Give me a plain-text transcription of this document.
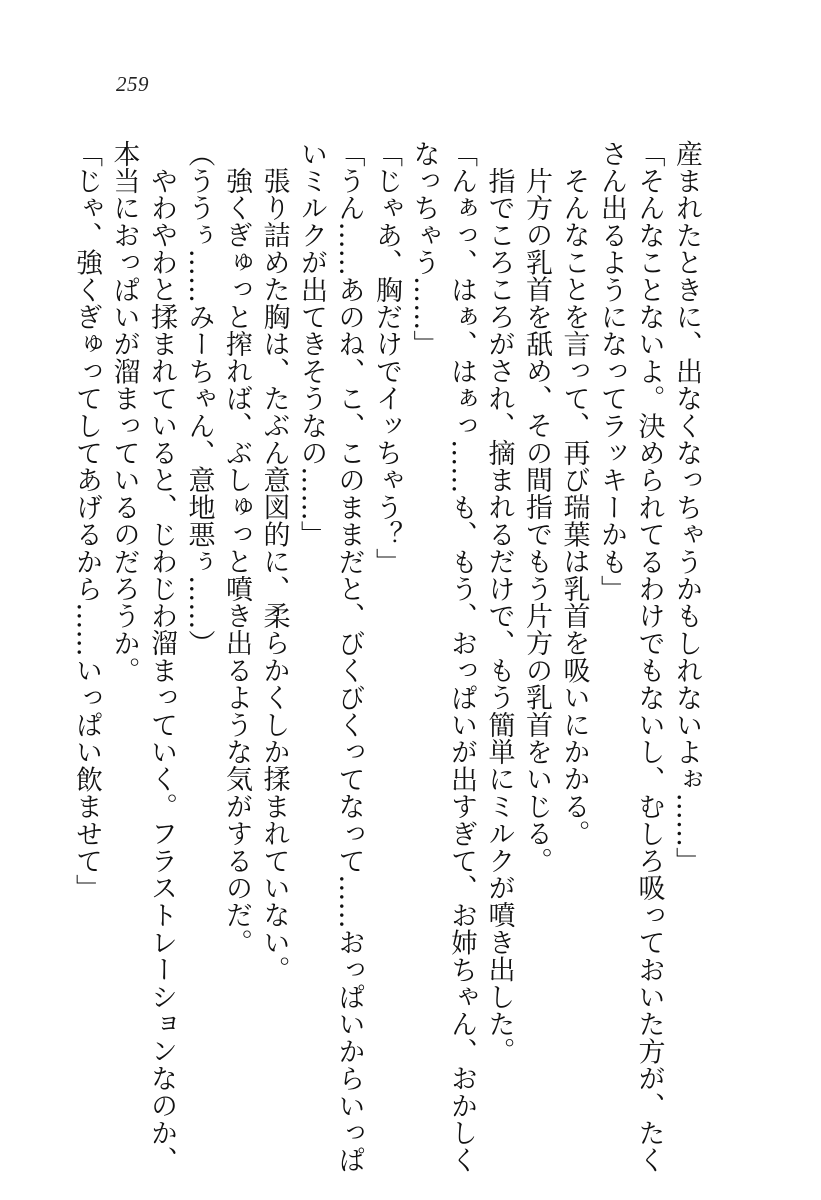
259
産まれたときに、出なくなっちゃうかもしれないよぉ……」
「そんなことないよ。決められてるわけでもないし、むしろ吸っておいた方が、たく
さん出るようになってラッキーかも」
そんなことを言って、再び瑞葉は乳首を吸いにかかる。
片方の乳首を舐め、その間指でもう片方の乳首をいじる。
指でころころがされ、摘まれるだけで、もう簡単にミルクが噴き出した。
「んぁっ、はぁ、はぁっ……も、もう、おっぱいが出すぎて、お姉ちゃん、おかしく
なっちゃう……」
「じゃあ、胸だけでイッちゃう？」
「うん……あのね、こ、このままだと、びくびくってなって……おっぱいからいっぱ
いミルクが出てきそうなの……」
張り詰めた胸は、たぶん意図的に、柔らかくしか揉まれていない。
強くぎゅっと搾れば、ぶしゅっと噴き出るような気がするのだ。
（ううぅ……みーちゃん、意地悪ぅ……）
やわやわと揉まれていると、じわじわ溜まっていく。フラストレーションなのか、
本当におっぱいが溜まっているのだろうか。
「じゃ、強くぎゅってしてあげるから……いっぱい飲ませて」
